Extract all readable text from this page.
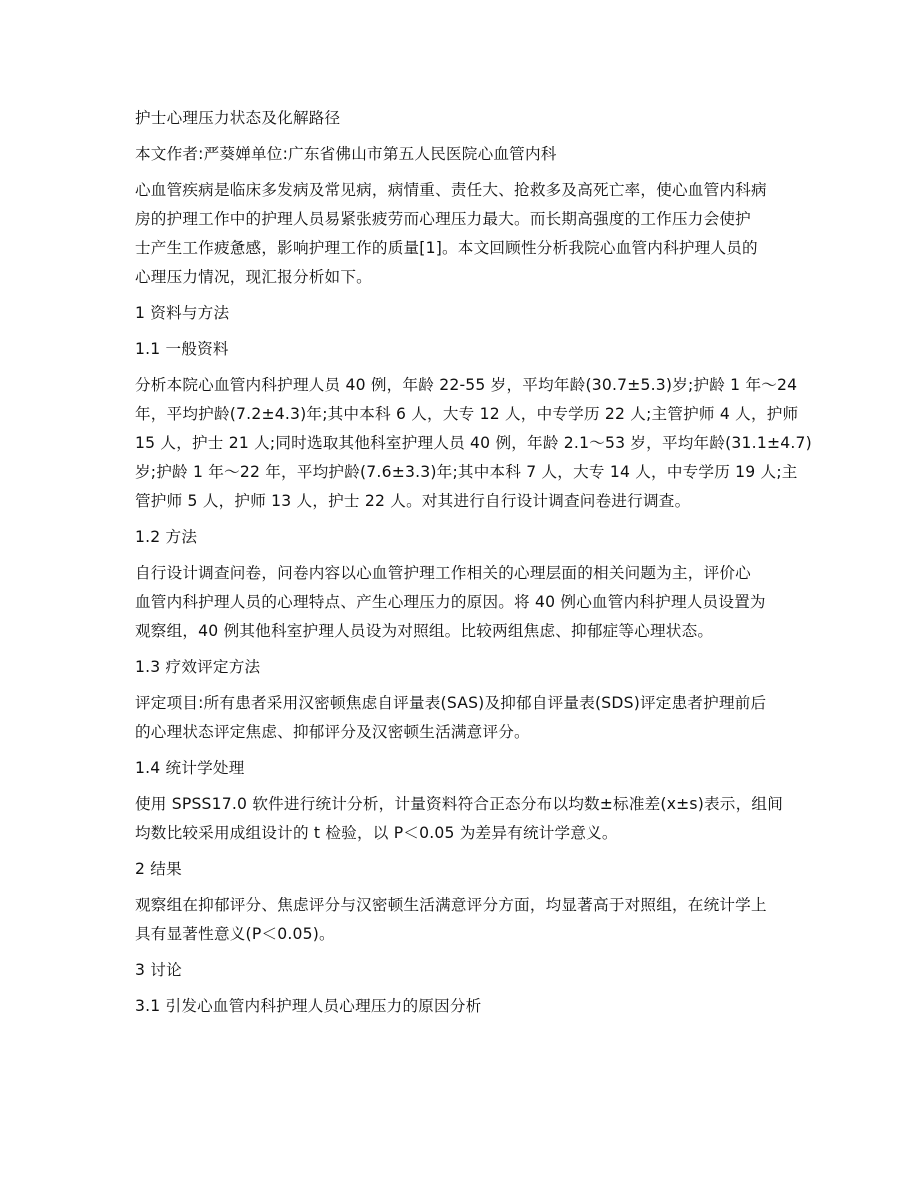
护士心理压力状态及化解路径
本文作者:严葵婵单位:广东省佛山市第五人民医院心血管内科
心血管疾病是临床多发病及常见病，病情重、责任大、抢救多及高死亡率，使心血管内科病
房的护理工作中的护理人员易紧张疲劳而心理压力最大。而长期高强度的工作压力会使护
士产生工作疲惫感，影响护理工作的质量[1]。本文回顾性分析我院心血管内科护理人员的
心理压力情况，现汇报分析如下。
1 资料与方法
1.1 一般资料
分析本院心血管内科护理人员 40 例，年龄 22-55 岁，平均年龄(30.7±5.3)岁;护龄 1 年～24
年，平均护龄(7.2±4.3)年;其中本科 6 人，大专 12 人，中专学历 22 人;主管护师 4 人，护师
15 人，护士 21 人;同时选取其他科室护理人员 40 例，年龄 2.1～53 岁，平均年龄(31.1±4.7)
岁;护龄 1 年～22 年，平均护龄(7.6±3.3)年;其中本科 7 人，大专 14 人，中专学历 19 人;主
管护师 5 人，护师 13 人，护士 22 人。对其进行自行设计调查问卷进行调查。
1.2 方法
自行设计调查问卷，问卷内容以心血管护理工作相关的心理层面的相关问题为主，评价心
血管内科护理人员的心理特点、产生心理压力的原因。将 40 例心血管内科护理人员设置为
观察组，40 例其他科室护理人员设为对照组。比较两组焦虑、抑郁症等心理状态。
1.3 疗效评定方法
评定项目:所有患者采用汉密顿焦虑自评量表(SAS)及抑郁自评量表(SDS)评定患者护理前后
的心理状态评定焦虑、抑郁评分及汉密顿生活满意评分。
1.4 统计学处理
使用 SPSS17.0 软件进行统计分析，计量资料符合正态分布以均数±标准差(x±s)表示，组间
均数比较采用成组设计的 t 检验，以 P＜0.05 为差异有统计学意义。
2 结果
观察组在抑郁评分、焦虑评分与汉密顿生活满意评分方面，均显著高于对照组，在统计学上
具有显著性意义(P＜0.05)。
3 讨论
3.1 引发心血管内科护理人员心理压力的原因分析
